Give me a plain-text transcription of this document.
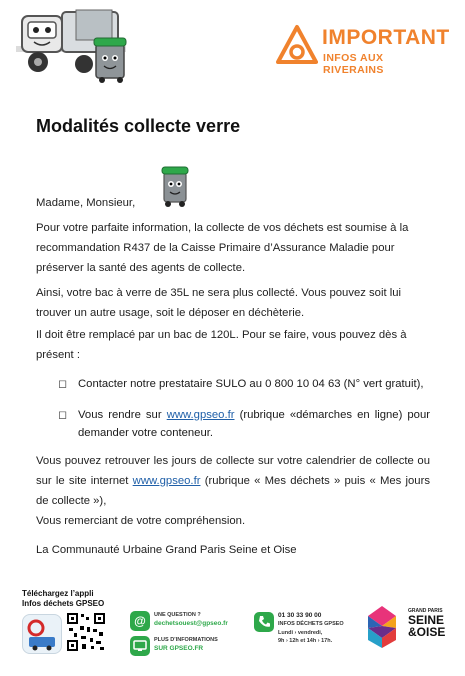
IMPORTANT
INFOS AUX RIVERAINS
Modalités collecte verre
Madame, Monsieur,
Pour votre parfaite information, la collecte de vos déchets est soumise à la recommandation R437 de la Caisse Primaire d’Assurance Maladie pour préserver la santé des agents de collecte.
Ainsi, votre bac à verre de 35L ne sera plus collecté. Vous pouvez soit lui trouver un autre usage, soit le déposer en déchèterie.
Il doit être remplacé par un bac de 120L. Pour se faire, vous pouvez dès à présent :
◻ Contacter notre prestataire SULO au 0 800 10 04 63 (N° vert gratuit),
◻ Vous rendre sur www.gpseo.fr (rubrique «démarches en ligne) pour demander votre conteneur.
Vous pouvez retrouver les jours de collecte sur votre calendrier de collecte ou sur le site internet www.gpseo.fr (rubrique « Mes déchets » puis « Mes jours de collecte »),
Vous remerciant de votre compréhension.
La Communauté Urbaine Grand Paris Seine et Oise
Téléchargez l’appli
Infos déchets GPSEO
@ UNE QUESTION ?
dechetsouest@gpseo.fr
PLUS D’INFORMATIONS
SUR GPSEO.FR
01 30 33 90 00
INFOS DÉCHETS GPSEO
Lundi › vendredi,
9h › 12h et 14h › 17h.
GRAND PARIS
SEINE
&OISE
